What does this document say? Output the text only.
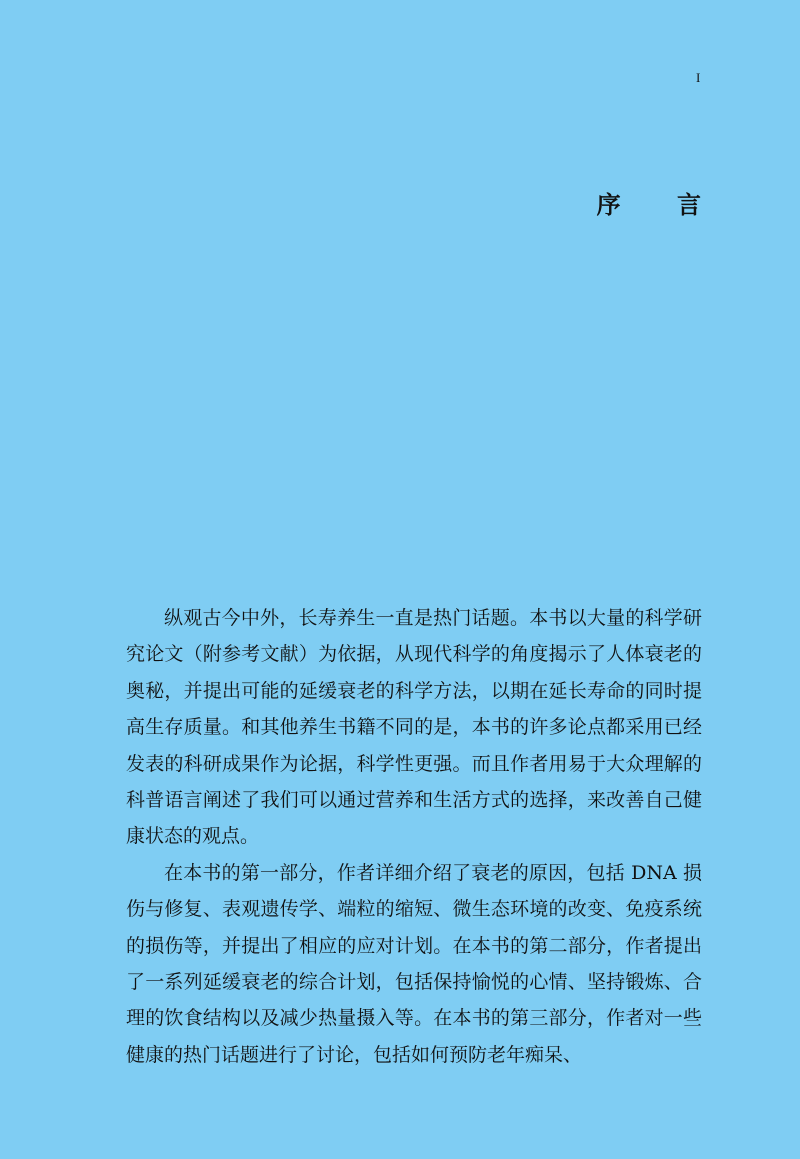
I
序 言

纵观古今中外，长寿养生一直是热门话题。本书以大量的科学研究论文（附参考文献）为依据，从现代科学的角度揭示了人体衰老的奥秘，并提出可能的延缓衰老的科学方法，以期在延长寿命的同时提高生存质量。和其他养生书籍不同的是，本书的许多论点都采用已经发表的科研成果作为论据，科学性更强。而且作者用易于大众理解的科普语言阐述了我们可以通过营养和生活方式的选择，来改善自己健康状态的观点。

在本书的第一部分，作者详细介绍了衰老的原因，包括 DNA 损伤与修复、表观遗传学、端粒的缩短、微生态环境的改变、免疫系统的损伤等，并提出了相应的应对计划。在本书的第二部分，作者提出了一系列延缓衰老的综合计划，包括保持愉悦的心情、坚持锻炼、合理的饮食结构以及减少热量摄入等。在本书的第三部分，作者对一些健康的热门话题进行了讨论，包括如何预防老年痴呆、
